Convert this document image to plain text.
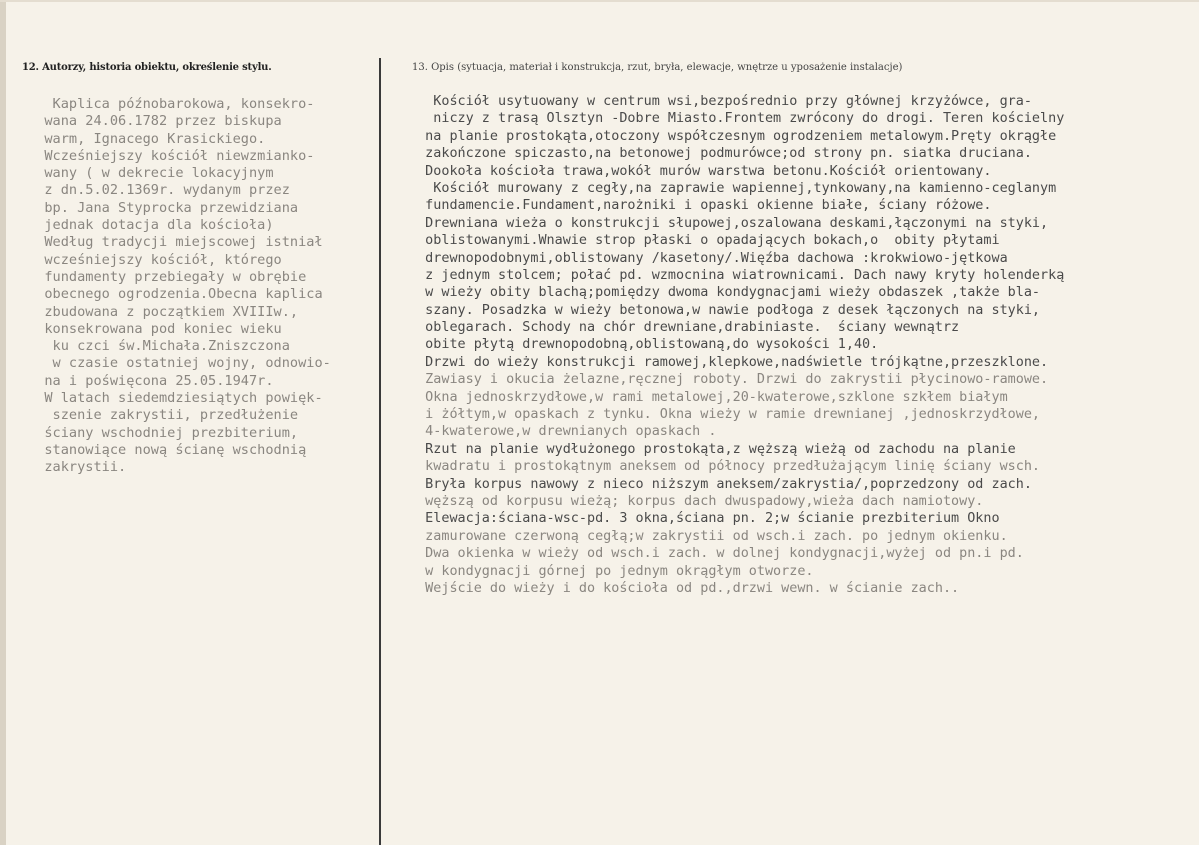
12. Autorzy, historia obiektu, określenie stylu.	13. Opis (sytuacja, materiał i konstrukcja, rzut, bryła, elewacje, wnętrze u yposażenie instalacje)
Kaplica późnobarokowa, konsekro-
wana 24.06.1782 przez biskupa
warm, Ignacego Krasickiego.
Wcześniejszy kościół niewzmianko-
wany ( w dekrecie lokacyjnym
z dn.5.02.1369r. wydanym przez
bp. Jana Styprocka przewidziana
jednak dotacja dla kościoła)
Według tradycji miejscowej istniał
wcześniejszy kościół, którego
fundamenty przebiegały w obrębie
obecnego ogrodzenia.Obecna kaplica
zbudowana z początkiem XVIIIw.,
konsekrowana pod koniec wieku
ku czci św.Michała.Zniszczona
w czasie ostatniej wojny, odnowio-
na i poświęcona 25.05.1947r.
W latach siedemdziesiątych powięk-
szenie zakrystii, przedłużenie
ściany wschodniej prezbiterium,
stanowiące nową ścianę wschodnią
zakrystii.
Kościół usytuowany w centrum wsi,bezpośrednio przy głównej krzyżówce, gra-
niczy z trasą Olsztyn -Dobre Miasto.Frontem zwrócony do drogi. Teren kościelny
na planie prostokąta,otoczony współczesnym ogrodzeniem metalowym.Pręty okrągłe
zakończone spiczasto,na betonowej podmurówce;od strony pn. siatka druciana.
Dookoła kościoła trawa,wokół murów warstwa betonu.Kościół orientowany.
Kościół murowany z cegły,na zaprawie wapiennej,tynkowany,na kamienno-ceglanym
fundamencie.Fundament,narożniki i opaski okienne białe, ściany różowe.
Drewniana wieża o konstrukcji słupowej,oszalowana deskami,łączonymi na styki,
oblistowanymi.Wnawie strop płaski o opadających bokach,o  obity płytami
drewnopodobnymi,oblistowany /kasetony/.Więźba dachowa :krokwiowo-jętkowa
z jednym stolcem; połać pd. wzmocnina wiatrownicami. Dach nawy kryty holenderką
w wieży obity blachą;pomiędzy dwoma kondygnacjami wieży obdaszek ,także bla-
szany. Posadzka w wieży betonowa,w nawie podłoga z desek łączonych na styki,
oblegarach. Schody na chór drewniane,drabiniaste.  ściany wewnątrz
obite płytą drewnopodobną,oblistowaną,do wysokości 1,40.
Drzwi do wieży konstrukcji ramowej,klepkowe,nadświetle trójkątne,przeszklone.
Zawiasy i okucia żelazne,ręcznej roboty. Drzwi do zakrystii płycinowo-ramowe.
Okna jednoskrzydłowe,w rami metalowej,20-kwaterowe,szklone szkłem białym
i żółtym,w opaskach z tynku. Okna wieży w ramie drewnianej ,jednoskrzydłowe,
4-kwaterowe,w drewnianych opaskach .
Rzut na planie wydłużonego prostokąta,z węższą wieżą od zachodu na planie
kwadratu i prostokątnym aneksem od północy przedłużającym linię ściany wsch.
Bryła korpus nawowy z nieco niższym aneksem/zakrystia/,poprzedzony od zach.
węższą od korpusu wieżą; korpus dach dwuspadowy,wieża dach namiotowy.
Elewacja:ściana-wsc-pd. 3 okna,ściana pn. 2;w ścianie prezbiterium Okno
zamurowane czerwoną cegłą;w zakrystii od wsch.i zach. po jednym okienku.
Dwa okienka w wieży od wsch.i zach. w dolnej kondygnacji,wyżej od pn.i pd.
w kondygnacji górnej po jednym okrągłym otworze.
Wejście do wieży i do kościoła od pd.,drzwi wewn. w ścianie zach..
